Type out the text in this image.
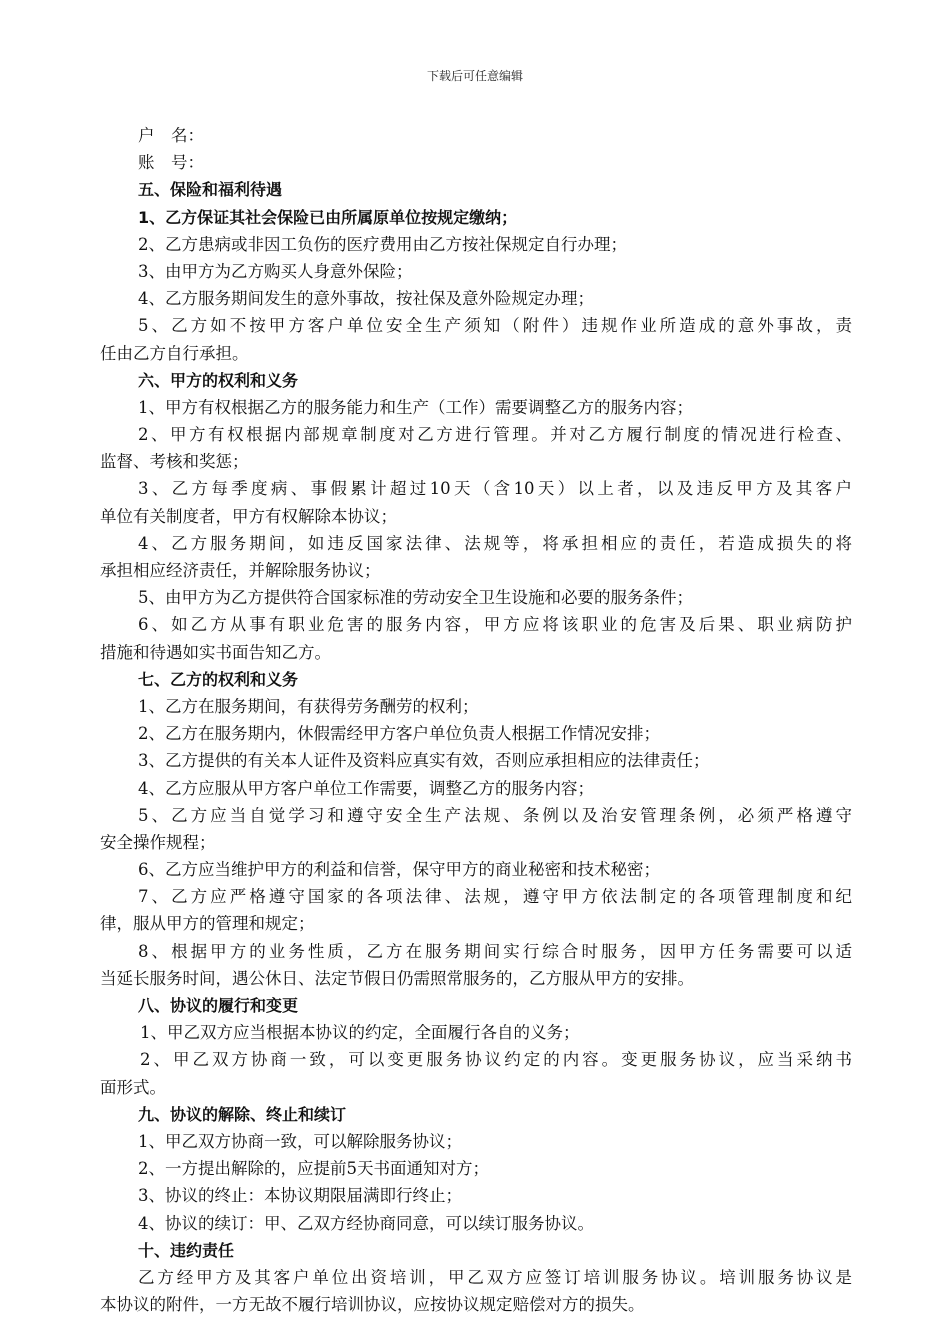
下载后可任意编辑
户　名：
账　号：
五、保险和福利待遇
1、乙方保证其社会保险已由所属原单位按规定缴纳；
2、乙方患病或非因工负伤的医疗费用由乙方按社保规定自行办理；
3、由甲方为乙方购买人身意外保险；
4、乙方服务期间发生的意外事故，按社保及意外险规定办理；
5、乙方如不按甲方客户单位安全生产须知（附件）违规作业所造成的意外事故，责
任由乙方自行承担。
六、甲方的权利和义务
1、甲方有权根据乙方的服务能力和生产（工作）需要调整乙方的服务内容；
2、甲方有权根据内部规章制度对乙方进行管理。并对乙方履行制度的情况进行检查、
监督、考核和奖惩；
3、乙方每季度病、事假累计超过10天（含10天）以上者，以及违反甲方及其客户
单位有关制度者，甲方有权解除本协议；
4、乙方服务期间，如违反国家法律、法规等，将承担相应的责任，若造成损失的将
承担相应经济责任，并解除服务协议；
5、由甲方为乙方提供符合国家标准的劳动安全卫生设施和必要的服务条件；
6、如乙方从事有职业危害的服务内容，甲方应将该职业的危害及后果、职业病防护
措施和待遇如实书面告知乙方。
七、乙方的权利和义务
1、乙方在服务期间，有获得劳务酬劳的权利；
2、乙方在服务期内，休假需经甲方客户单位负责人根据工作情况安排；
3、乙方提供的有关本人证件及资料应真实有效，否则应承担相应的法律责任；
4、乙方应服从甲方客户单位工作需要，调整乙方的服务内容；
5、乙方应当自觉学习和遵守安全生产法规、条例以及治安管理条例，必须严格遵守
安全操作规程；
6、乙方应当维护甲方的利益和信誉，保守甲方的商业秘密和技术秘密；
7、乙方应严格遵守国家的各项法律、法规，遵守甲方依法制定的各项管理制度和纪
律，服从甲方的管理和规定；
8、根据甲方的业务性质，乙方在服务期间实行综合时服务，因甲方任务需要可以适
当延长服务时间，遇公休日、法定节假日仍需照常服务的，乙方服从甲方的安排。
八、协议的履行和变更
1、甲乙双方应当根据本协议的约定，全面履行各自的义务；
2、甲乙双方协商一致，可以变更服务协议约定的内容。变更服务协议，应当采纳书
面形式。
九、协议的解除、终止和续订
1、甲乙双方协商一致，可以解除服务协议；
2、一方提出解除的，应提前5天书面通知对方；
3、协议的终止：本协议期限届满即行终止；
4、协议的续订：甲、乙双方经协商同意，可以续订服务协议。
十、违约责任
乙方经甲方及其客户单位出资培训，甲乙双方应签订培训服务协议。培训服务协议是
本协议的附件，一方无故不履行培训协议，应按协议规定赔偿对方的损失。
